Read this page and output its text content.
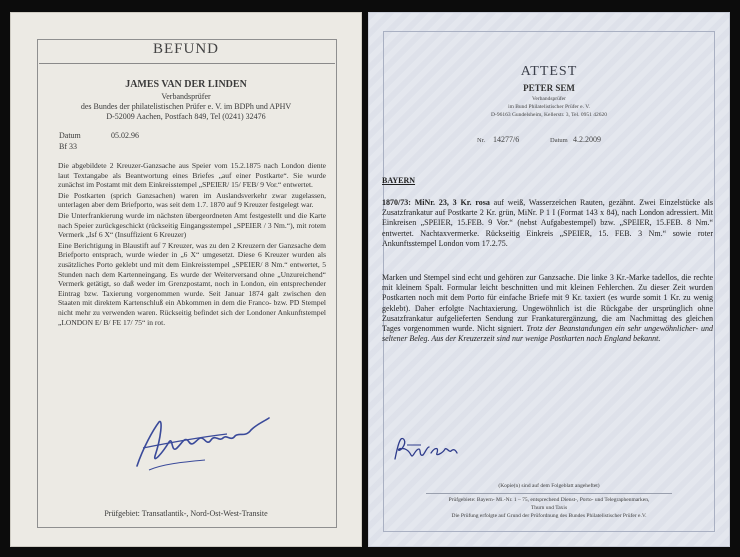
BEFUND
JAMES VAN DER LINDEN
Verbandsprüfer
des Bundes der philatelistischen Prüfer e. V. im BDPh und APHV
D-52009 Aachen, Postfach 849, Tel (0241) 32476
Datum	05.02.96
Bf 33

Die abgebildete 2 Kreuzer-Ganzsache aus Speier vom 15.2.1875 nach London diente laut Textangabe als Beantwortung eines Briefes „auf einer Postkarte“. Sie wurde zunächst im Postamt mit dem Einkreisstempel „SPEIER/ 15/ FEB/ 9 Vor.“ entwertet.

Die Postkarten (sprich Ganzsachen) waren im Auslandsverkehr zwar zugelassen, unterlagen aber dem Briefporto, was seit dem 1.7. 1870 auf 9 Kreuzer festgelegt war.

Die Unterfrankierung wurde im nächsten übergeordneten Amt festgestellt und die Karte nach Speier zurückgeschickt (rückseitig Eingangsstempel „SPEIER / 3 Nm.“), mit rotem Vermerk „Isf 6 X“ (Insuffizient 6 Kreuzer)

Eine Berichtigung in Blaustift auf 7 Kreuzer, was zu den 2 Kreuzern der Ganzsache dem Briefporto entsprach, wurde wieder in „6 X“ umgesetzt. Diese 6 Kreuzer wurden als zusätzliches Porto geklebt und mit dem Einkreisstempel „SPEIER/ 8 Nm.“ entwertet, 5 Stunden nach dem Kartenneingang. Es wurde der Weiterversand ohne „Unzureichend“ Vermerk getätigt, so daß weder im Grenzpostamt, noch in London, ein entsprechender Eintrag bzw. Taxierung vorgenommen wurde. Seit Januar 1874 galt zwischen den Staaten mit direktem Kartenschluß ein Abkommen in dem die Franco- bzw. PD Stempel nicht mehr zu verwenden waren. Rückseitig befindet sich der Londoner Ankunftstempel „LONDON E/ B/ FE 17/ 75“ in rot.

Prüfgebiet: Transatlantik-, Nord-Ost-West-Transite
ATTEST
PETER SEM
Verbandsprüfer
im Bund Philatelistischer Prüfer e. V.
D-96163 Gundelsheim, Kellerstr. 3, Tel. 0951 42620
Nr. 14277/6	Datum 4.2.2009
BAYERN
1870/73: MiNr. 23, 3 Kr. rosa auf weiß, Wasserzeichen Rauten, gezähnt. Zwei Einzelstücke als Zusatzfrankatur auf Postkarte 2 Kr. grün, MiNr. P 1 I (Format 143 x 84), nach London adressiert. Mit Einkreisen „SPEIER, 15.FEB. 9 Vor.“ (nebst Aufgabestempel) bzw. „SPEIER, 15.FEB. 8 Nm.“ entwertet. Nachtaxvermerke. Rückseitig Einkreis „SPEIER, 15. FEB. 3 Nm.“ sowie roter Ankunftsstempel London vom 17.2.75.
Marken und Stempel sind echt und gehören zur Ganzsache. Die linke 3 Kr.-Marke tadellos, die rechte mit kleinem Spalt. Formular leicht beschnitten und mit kleinen Fehlerchen. Zu dieser Zeit wurden Postkarten noch mit dem Porto für einfache Briefe mit 9 Kr. taxiert (es wurde somit 1 Kr. zu wenig geklebt). Daher erfolgte Nachtaxierung. Ungewöhnlich ist die Rückgabe der ursprünglich ohne Zusatzfrankatur aufgelieferten Sendung zur Frankaturergänzung, die am Nachmittag des gleichen Tages vorgenommen wurde. Nicht signiert. Trotz der Beanstandungen ein sehr ungewöhnlicher- und seltener Beleg. Aus der Kreuzerzeit sind nur wenige Postkarten nach England bekannt.
(Kopie(n) sind auf dem Folgeblatt angeheftet)
Prüfgebiete: Bayern- Mi.-Nr. 1 – 75, entsprechend Dienst-, Porto- und Telegraphenmarken,
Thurn und Taxis
Die Prüfung erfolgte auf Grund der Prüfordnung des Bundes Philatelistischer Prüfer e.V.
